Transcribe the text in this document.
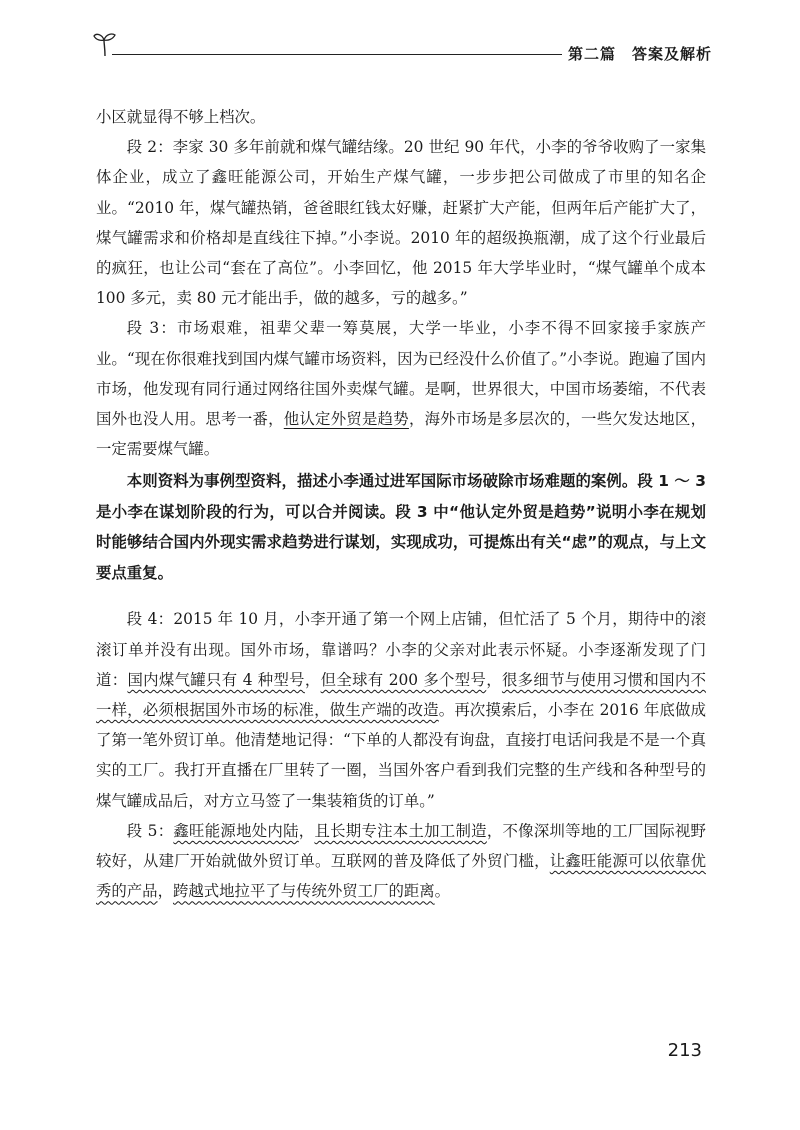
第二篇　答案及解析

小区就显得不够上档次。

段 2：李家 30 多年前就和煤气罐结缘。20 世纪 90 年代，小李的爷爷收购了一家集体企业，成立了鑫旺能源公司，开始生产煤气罐，一步步把公司做成了市里的知名企业。“2010 年，煤气罐热销，爸爸眼红钱太好赚，赶紧扩大产能，但两年后产能扩大了，煤气罐需求和价格却是直线往下掉。”小李说。2010 年的超级换瓶潮，成了这个行业最后的疯狂，也让公司“套在了高位”。小李回忆，他 2015 年大学毕业时，“煤气罐单个成本 100 多元，卖 80 元才能出手，做的越多，亏的越多。”

段 3：市场艰难，祖辈父辈一筹莫展，大学一毕业，小李不得不回家接手家族产业。“现在你很难找到国内煤气罐市场资料，因为已经没什么价值了。”小李说。跑遍了国内市场，他发现有同行通过网络往国外卖煤气罐。是啊，世界很大，中国市场萎缩，不代表国外也没人用。思考一番，他认定外贸是趋势，海外市场是多层次的，一些欠发达地区，一定需要煤气罐。

本则资料为事例型资料，描述小李通过进军国际市场破除市场难题的案例。段 1 ～ 3 是小李在谋划阶段的行为，可以合并阅读。段 3 中“他认定外贸是趋势”说明小李在规划时能够结合国内外现实需求趋势进行谋划，实现成功，可提炼出有关“虑”的观点，与上文要点重复。

段 4：2015 年 10 月，小李开通了第一个网上店铺，但忙活了 5 个月，期待中的滚滚订单并没有出现。国外市场，靠谱吗？小李的父亲对此表示怀疑。小李逐渐发现了门道：国内煤气罐只有 4 种型号，但全球有 200 多个型号，很多细节与使用习惯和国内不一样，必须根据国外市场的标准，做生产端的改造。再次摸索后，小李在 2016 年底做成了第一笔外贸订单。他清楚地记得：“下单的人都没有询盘，直接打电话问我是不是一个真实的工厂。我打开直播在厂里转了一圈，当国外客户看到我们完整的生产线和各种型号的煤气罐成品后，对方立马签了一集装箱货的订单。”

段 5：鑫旺能源地处内陆，且长期专注本土加工制造，不像深圳等地的工厂国际视野较好，从建厂开始就做外贸订单。互联网的普及降低了外贸门槛，让鑫旺能源可以依靠优秀的产品，跨越式地拉平了与传统外贸工厂的距离。

213
